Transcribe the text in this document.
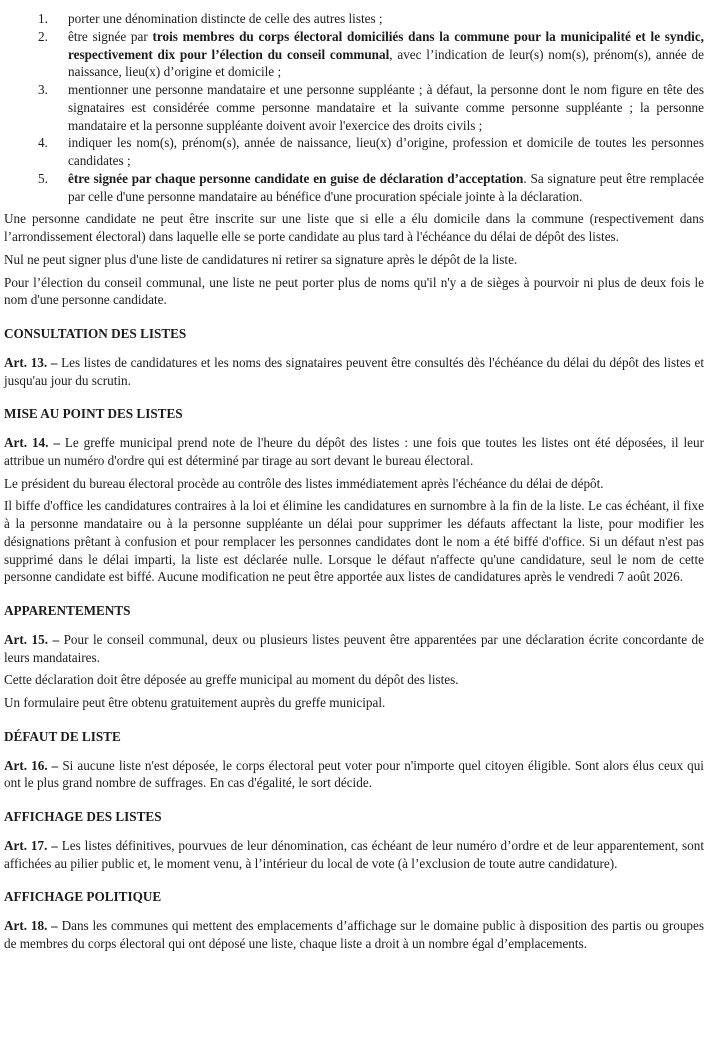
1.	porter une dénomination distincte de celle des autres listes ;
2.	être signée par trois membres du corps électoral domiciliés dans la commune pour la municipalité et le syndic, respectivement dix pour l’élection du conseil communal, avec l’indication de leur(s) nom(s), prénom(s), année de naissance, lieu(x) d’origine et domicile ;
3.	mentionner une personne mandataire et une personne suppléante ; à défaut, la personne dont le nom figure en tête des signataires est considérée comme personne mandataire et la suivante comme personne suppléante ; la personne mandataire et la personne suppléante doivent avoir l'exercice des droits civils ;
4.	indiquer les nom(s), prénom(s), année de naissance, lieu(x) d’origine, profession et domicile de toutes les personnes candidates ;
5.	être signée par chaque personne candidate en guise de déclaration d’acceptation. Sa signature peut être remplacée par celle d'une personne mandataire au bénéfice d'une procuration spéciale jointe à la déclaration.

Une personne candidate ne peut être inscrite sur une liste que si elle a élu domicile dans la commune (respectivement dans l’arrondissement électoral) dans laquelle elle se porte candidate au plus tard à l'échéance du délai de dépôt des listes.

Nul ne peut signer plus d'une liste de candidatures ni retirer sa signature après le dépôt de la liste.

Pour l’élection du conseil communal, une liste ne peut porter plus de noms qu'il n'y a de sièges à pourvoir ni plus de deux fois le nom d'une personne candidate.

CONSULTATION DES LISTES

Art. 13. – Les listes de candidatures et les noms des signataires peuvent être consultés dès l'échéance du délai du dépôt des listes et jusqu'au jour du scrutin.

MISE AU POINT DES LISTES

Art. 14. – Le greffe municipal prend note de l'heure du dépôt des listes : une fois que toutes les listes ont été déposées, il leur attribue un numéro d'ordre qui est déterminé par tirage au sort devant le bureau électoral.

Le président du bureau électoral procède au contrôle des listes immédiatement après l'échéance du délai de dépôt.

Il biffe d'office les candidatures contraires à la loi et élimine les candidatures en surnombre à la fin de la liste. Le cas échéant, il fixe à la personne mandataire ou à la personne suppléante un délai pour supprimer les défauts affectant la liste, pour modifier les désignations prêtant à confusion et pour remplacer les personnes candidates dont le nom a été biffé d'office. Si un défaut n'est pas supprimé dans le délai imparti, la liste est déclarée nulle. Lorsque le défaut n'affecte qu'une candidature, seul le nom de cette personne candidate est biffé. Aucune modification ne peut être apportée aux listes de candidatures après le vendredi 7 août 2026.

APPARENTEMENTS

Art. 15. – Pour le conseil communal, deux ou plusieurs listes peuvent être apparentées par une déclaration écrite concordante de leurs mandataires.

Cette déclaration doit être déposée au greffe municipal au moment du dépôt des listes.

Un formulaire peut être obtenu gratuitement auprès du greffe municipal.

DÉFAUT DE LISTE

Art. 16. – Si aucune liste n'est déposée, le corps électoral peut voter pour n'importe quel citoyen éligible. Sont alors élus ceux qui ont le plus grand nombre de suffrages. En cas d'égalité, le sort décide.

AFFICHAGE DES LISTES

Art. 17. – Les listes définitives, pourvues de leur dénomination, cas échéant de leur numéro d’ordre et de leur apparentement, sont affichées au pilier public et, le moment venu, à l’intérieur du local de vote (à l’exclusion de toute autre candidature).

AFFICHAGE POLITIQUE

Art. 18. – Dans les communes qui mettent des emplacements d’affichage sur le domaine public à disposition des partis ou groupes de membres du corps électoral qui ont déposé une liste, chaque liste a droit à un nombre égal d’emplacements.
